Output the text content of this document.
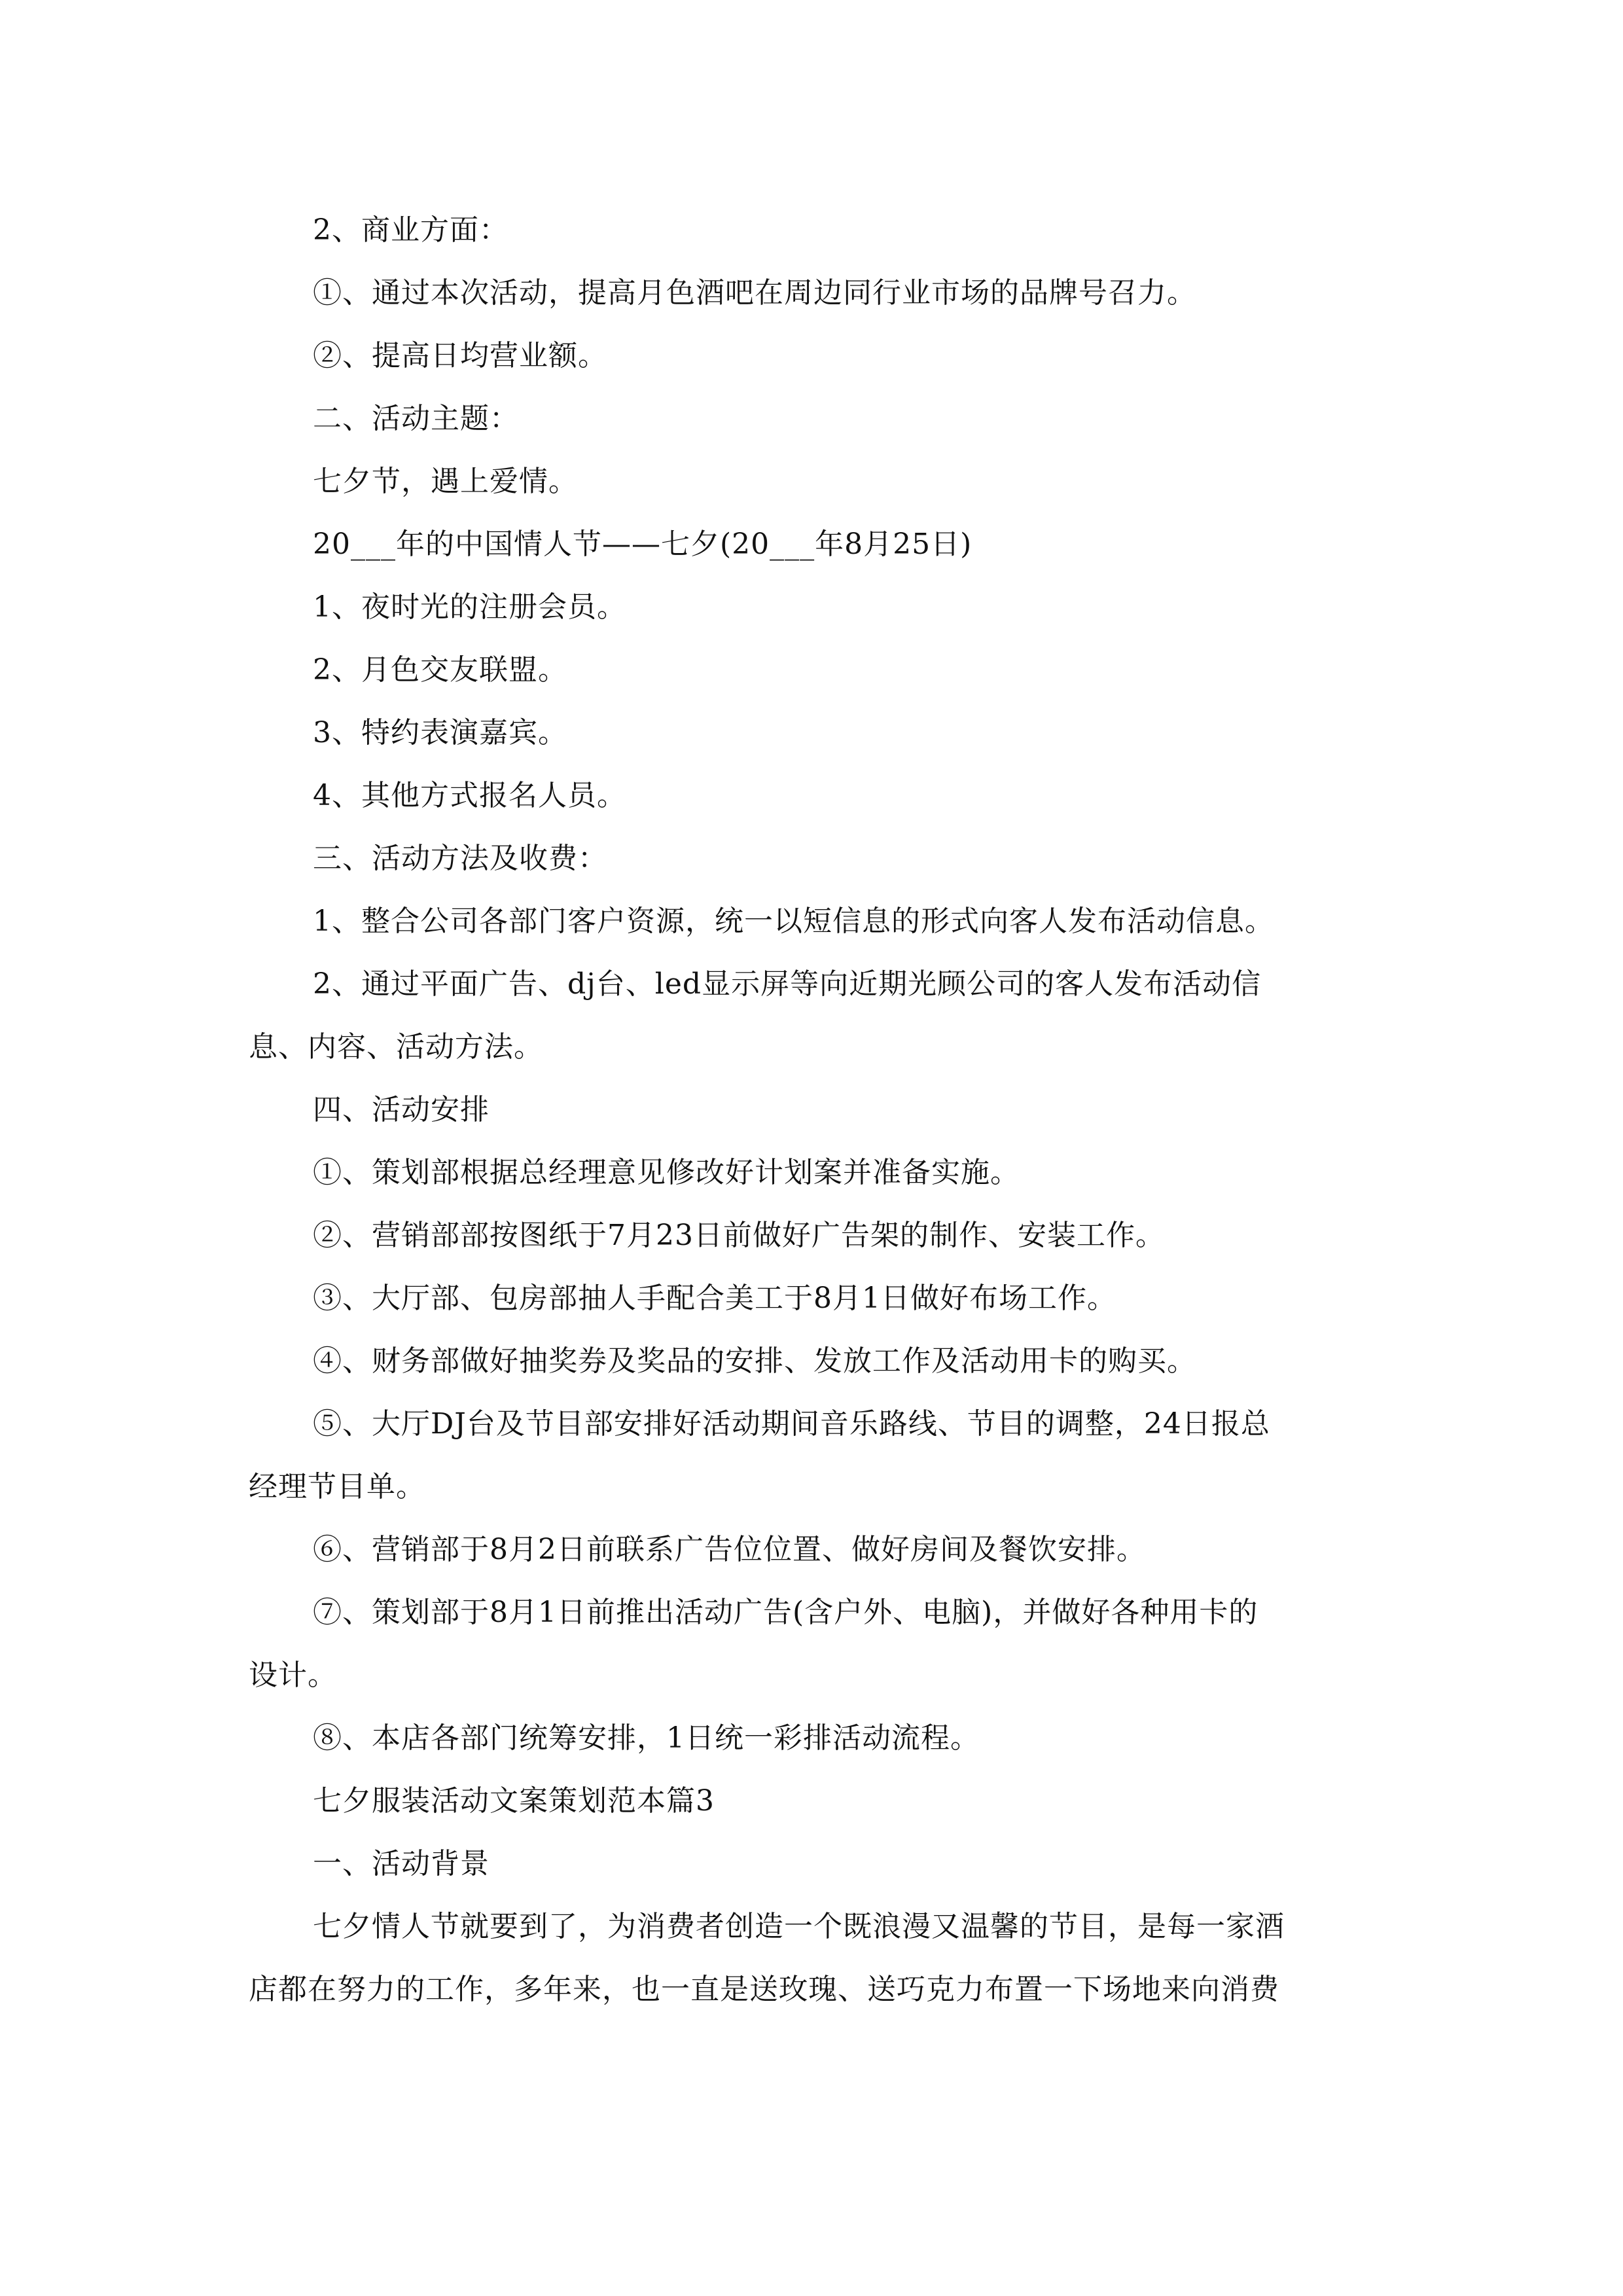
2、商业方面：
①、通过本次活动，提高月色酒吧在周边同行业市场的品牌号召力。
②、提高日均营业额。
二、活动主题：
七夕节，遇上爱情。
20___年的中国情人节——七夕(20___年8月25日)
1、夜时光的注册会员。
2、月色交友联盟。
3、特约表演嘉宾。
4、其他方式报名人员。
三、活动方法及收费：
1、整合公司各部门客户资源，统一以短信息的形式向客人发布活动信息。
2、通过平面广告、dj台、led显示屏等向近期光顾公司的客人发布活动信
息、内容、活动方法。
四、活动安排
①、策划部根据总经理意见修改好计划案并准备实施。
②、营销部部按图纸于7月23日前做好广告架的制作、安装工作。
③、大厅部、包房部抽人手配合美工于8月1日做好布场工作。
④、财务部做好抽奖券及奖品的安排、发放工作及活动用卡的购买。
⑤、大厅DJ台及节目部安排好活动期间音乐路线、节目的调整，24日报总
经理节目单。
⑥、营销部于8月2日前联系广告位位置、做好房间及餐饮安排。
⑦、策划部于8月1日前推出活动广告(含户外、电脑)，并做好各种用卡的
设计。
⑧、本店各部门统筹安排，1日统一彩排活动流程。
七夕服装活动文案策划范本篇3
一、活动背景
七夕情人节就要到了，为消费者创造一个既浪漫又温馨的节目，是每一家酒
店都在努力的工作，多年来，也一直是送玫瑰、送巧克力布置一下场地来向消费
